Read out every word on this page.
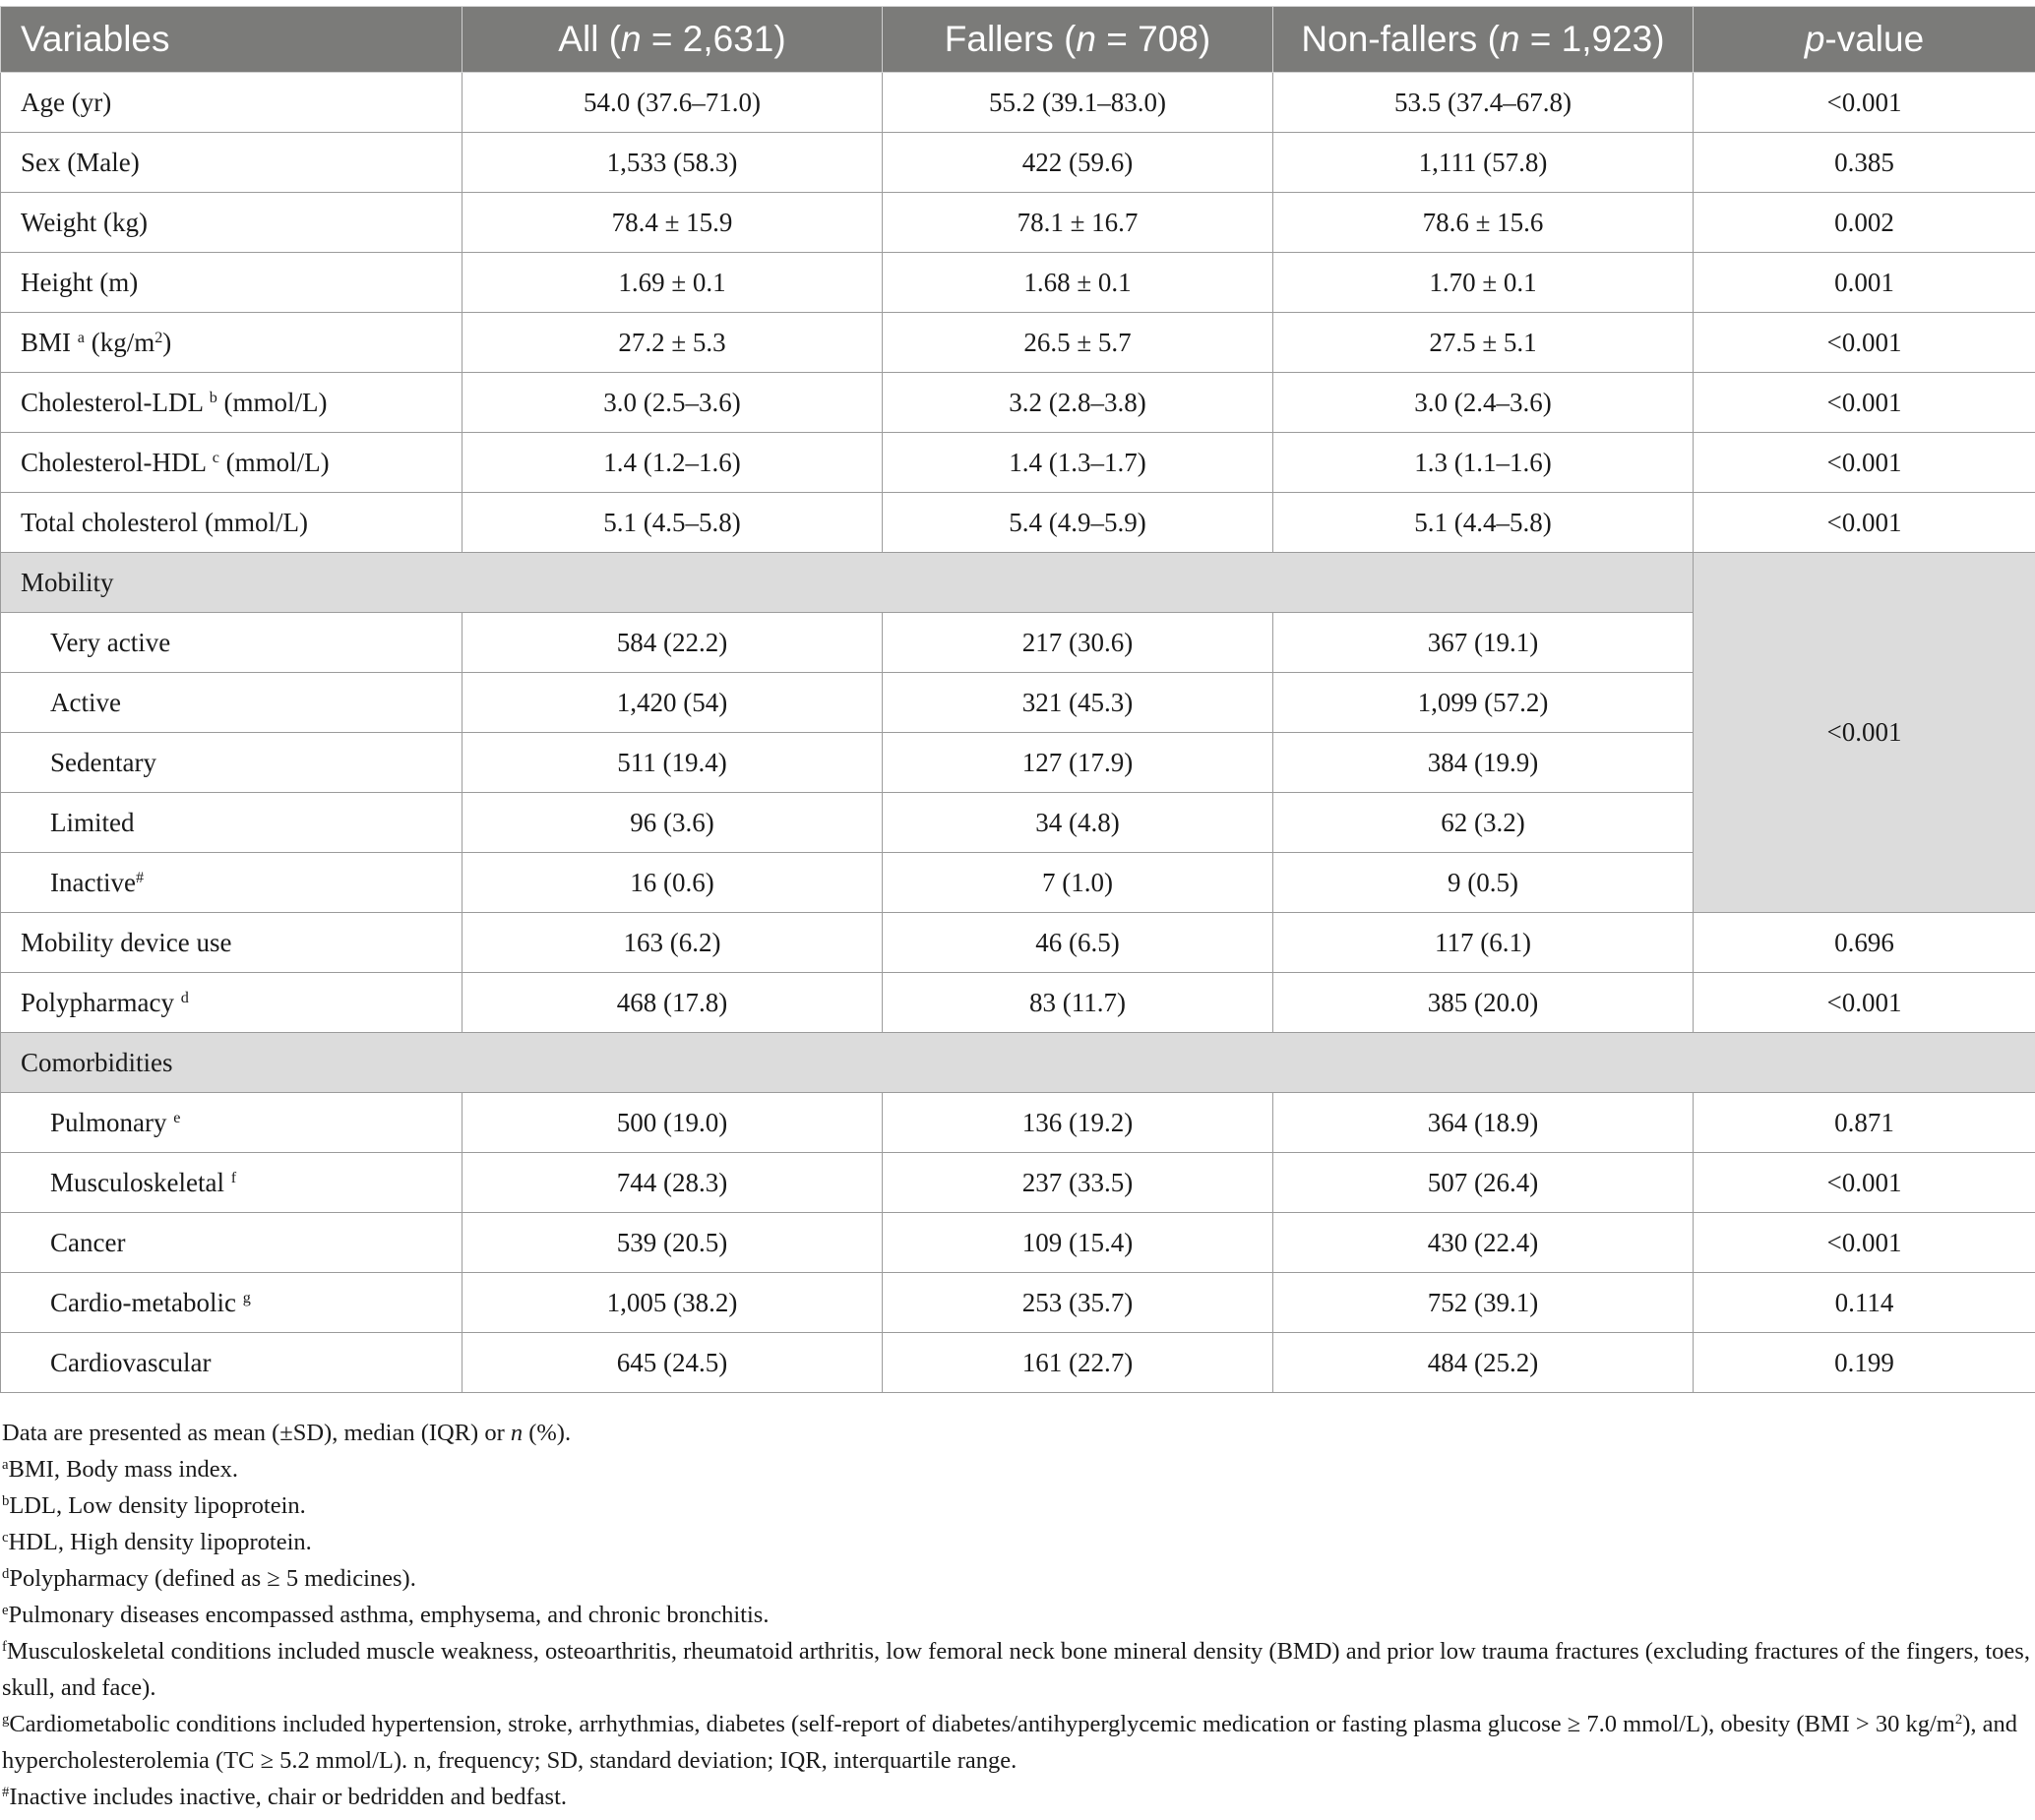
Variables	All (n = 2,631)	Fallers (n = 708)	Non-fallers (n = 1,923)	p-value
Age (yr)	54.0 (37.6–71.0)	55.2 (39.1–83.0)	53.5 (37.4–67.8)	<0.001
Sex (Male)	1,533 (58.3)	422 (59.6)	1,111 (57.8)	0.385
Weight (kg)	78.4 ± 15.9	78.1 ± 16.7	78.6 ± 15.6	0.002
Height (m)	1.69 ± 0.1	1.68 ± 0.1	1.70 ± 0.1	0.001
BMI $^a$ $(kg/m^2)$	27.2 ± 5.3	26.5 ± 5.7	27.5 ± 5.1	<0.001
Cholesterol-LDL $^b$ (mmol/L)	3.0 (2.5–3.6)	3.2 (2.8–3.8)	3.0 (2.4–3.6)	<0.001
Cholesterol-HDL $^c$ (mmol/L)	1.4 (1.2–1.6)	1.4 (1.3–1.7)	1.3 (1.1–1.6)	<0.001
Total cholesterol (mmol/L)	5.1 (4.5–5.8)	5.4 (4.9–5.9)	5.1 (4.4–5.8)	<0.001
Mobility				<0.001
Very active	584 (22.2)	217 (30.6)	367 (19.1)	
Active	1,420 (54)	321 (45.3)	1,099 (57.2)	
Sedentary	511 (19.4)	127 (17.9)	384 (19.9)	
Limited	96 (3.6)	34 (4.8)	62 (3.2)	
Inactive#	16 (0.6)	7 (1.0)	9 (0.5)	
Mobility device use	163 (6.2)	46 (6.5)	117 (6.1)	0.696
Polypharmacy $^d$	468 (17.8)	83 (11.7)	385 (20.0)	<0.001
Comorbidities				
Pulmonary $^e$	500 (19.0)	136 (19.2)	364 (18.9)	0.871
Musculoskeletal $^f$	744 (28.3)	237 (33.5)	507 (26.4)	<0.001
Cancer	539 (20.5)	109 (15.4)	430 (22.4)	<0.001
Cardio-metabolic $^g$	1,005 (38.2)	253 (35.7)	752 (39.1)	0.114
Cardiovascular	645 (24.5)	161 (22.7)	484 (25.2)	0.199

Data are presented as mean (±SD), median (IQR) or n (%).

$^a$BMI, Body mass index.

$^b$LDL, Low density lipoprotein.

$^c$HDL, High density lipoprotein.

$^d$Polypharmacy (defined as ≥ 5 medicines).

$^e$Pulmonary diseases encompassed asthma, emphysema, and chronic bronchitis.

$^f$Musculoskeletal conditions included muscle weakness, osteoarthritis, rheumatoid arthritis, low femoral neck bone mineral density (BMD) and prior low trauma fractures (excluding fractures of the fingers, toes, skull, and face).

$^g$Cardiometabolic conditions included hypertension, stroke, arrhythmias, diabetes (self-report of diabetes/antihyperglycemic medication or fasting plasma glucose ≥ 7.0 mmol/L), obesity (BMI > 30 $kg/m^2$), and hypercholesterolemia (TC ≥ 5.2 mmol/L). n, frequency; SD, standard deviation; IQR, interquartile range.

#Inactive includes inactive, chair or bedridden and bedfast.
